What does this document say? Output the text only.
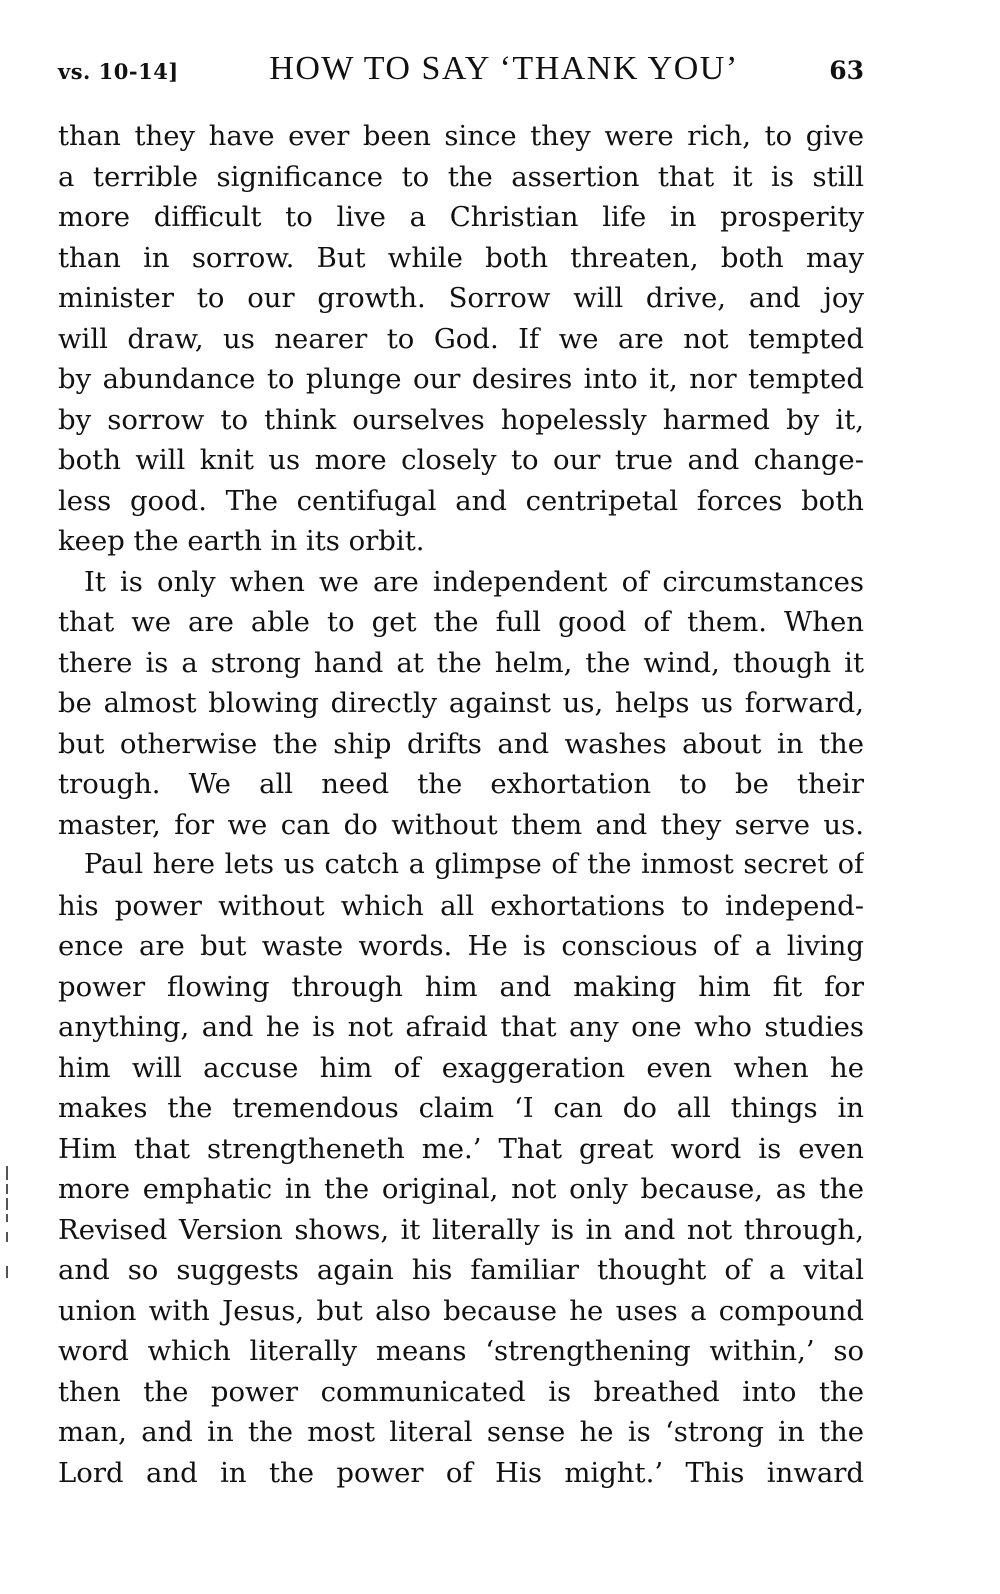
vs. 10-14]	HOW TO SAY ‘THANK YOU’	63
than they have ever been since they were rich, to give
a terrible significance to the assertion that it is still
more difficult to live a Christian life in prosperity
than in sorrow. But while both threaten, both may
minister to our growth. Sorrow will drive, and joy
will draw, us nearer to God. If we are not tempted
by abundance to plunge our desires into it, nor tempted
by sorrow to think ourselves hopelessly harmed by it,
both will knit us more closely to our true and change-
less good. The centifugal and centripetal forces both
keep the earth in its orbit.
It is only when we are independent of circumstances
that we are able to get the full good of them. When
there is a strong hand at the helm, the wind, though it
be almost blowing directly against us, helps us forward,
but otherwise the ship drifts and washes about in the
trough. We all need the exhortation to be their
master, for we can do without them and they serve us.
Paul here lets us catch a glimpse of the inmost secret of
his power without which all exhortations to independ-
ence are but waste words. He is conscious of a living
power flowing through him and making him fit for
anything, and he is not afraid that any one who studies
him will accuse him of exaggeration even when he
makes the tremendous claim ‘I can do all things in
Him that strengtheneth me.’ That great word is even
more emphatic in the original, not only because, as the
Revised Version shows, it literally is in and not through,
and so suggests again his familiar thought of a vital
union with Jesus, but also because he uses a compound
word which literally means ‘strengthening within,’ so
then the power communicated is breathed into the
man, and in the most literal sense he is ‘strong in the
Lord and in the power of His might.’ This inward
